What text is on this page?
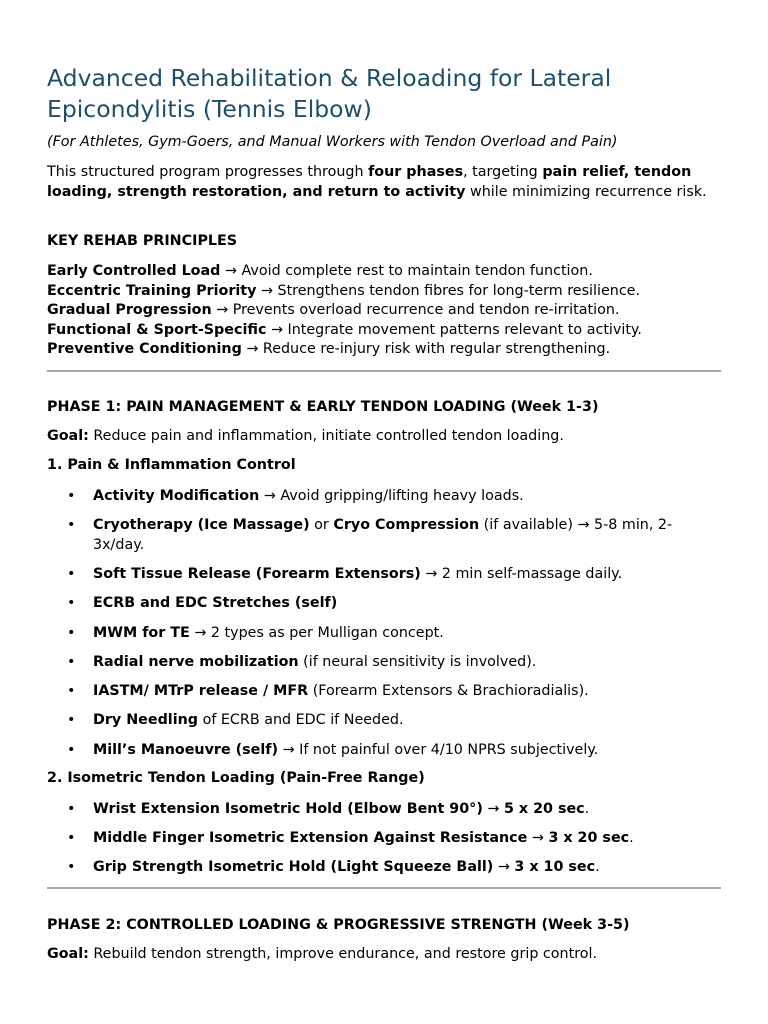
Advanced Rehabilitation & Reloading for Lateral Epicondylitis (Tennis Elbow)

(For Athletes, Gym-Goers, and Manual Workers with Tendon Overload and Pain)

This structured program progresses through four phases, targeting pain relief, tendon loading, strength restoration, and return to activity while minimizing recurrence risk.

KEY REHAB PRINCIPLES

Early Controlled Load → Avoid complete rest to maintain tendon function.
Eccentric Training Priority → Strengthens tendon fibres for long-term resilience.
Gradual Progression → Prevents overload recurrence and tendon re-irritation.
Functional & Sport-Specific → Integrate movement patterns relevant to activity.
Preventive Conditioning → Reduce re-injury risk with regular strengthening.

PHASE 1: PAIN MANAGEMENT & EARLY TENDON LOADING (Week 1-3)

Goal: Reduce pain and inflammation, initiate controlled tendon loading.

1. Pain & Inflammation Control

• Activity Modification → Avoid gripping/lifting heavy loads.
• Cryotherapy (Ice Massage) or Cryo Compression (if available) → 5-8 min, 2-3x/day.
• Soft Tissue Release (Forearm Extensors) → 2 min self-massage daily.
• ECRB and EDC Stretches (self)
• MWM for TE → 2 types as per Mulligan concept.
• Radial nerve mobilization (if neural sensitivity is involved).
• IASTM/ MTrP release / MFR (Forearm Extensors & Brachioradialis).
• Dry Needling of ECRB and EDC if Needed.
• Mill’s Manoeuvre (self) → If not painful over 4/10 NPRS subjectively.

2. Isometric Tendon Loading (Pain-Free Range)

• Wrist Extension Isometric Hold (Elbow Bent 90°) → 5 x 20 sec.
• Middle Finger Isometric Extension Against Resistance → 3 x 20 sec.
• Grip Strength Isometric Hold (Light Squeeze Ball) → 3 x 10 sec.

PHASE 2: CONTROLLED LOADING & PROGRESSIVE STRENGTH (Week 3-5)

Goal: Rebuild tendon strength, improve endurance, and restore grip control.
